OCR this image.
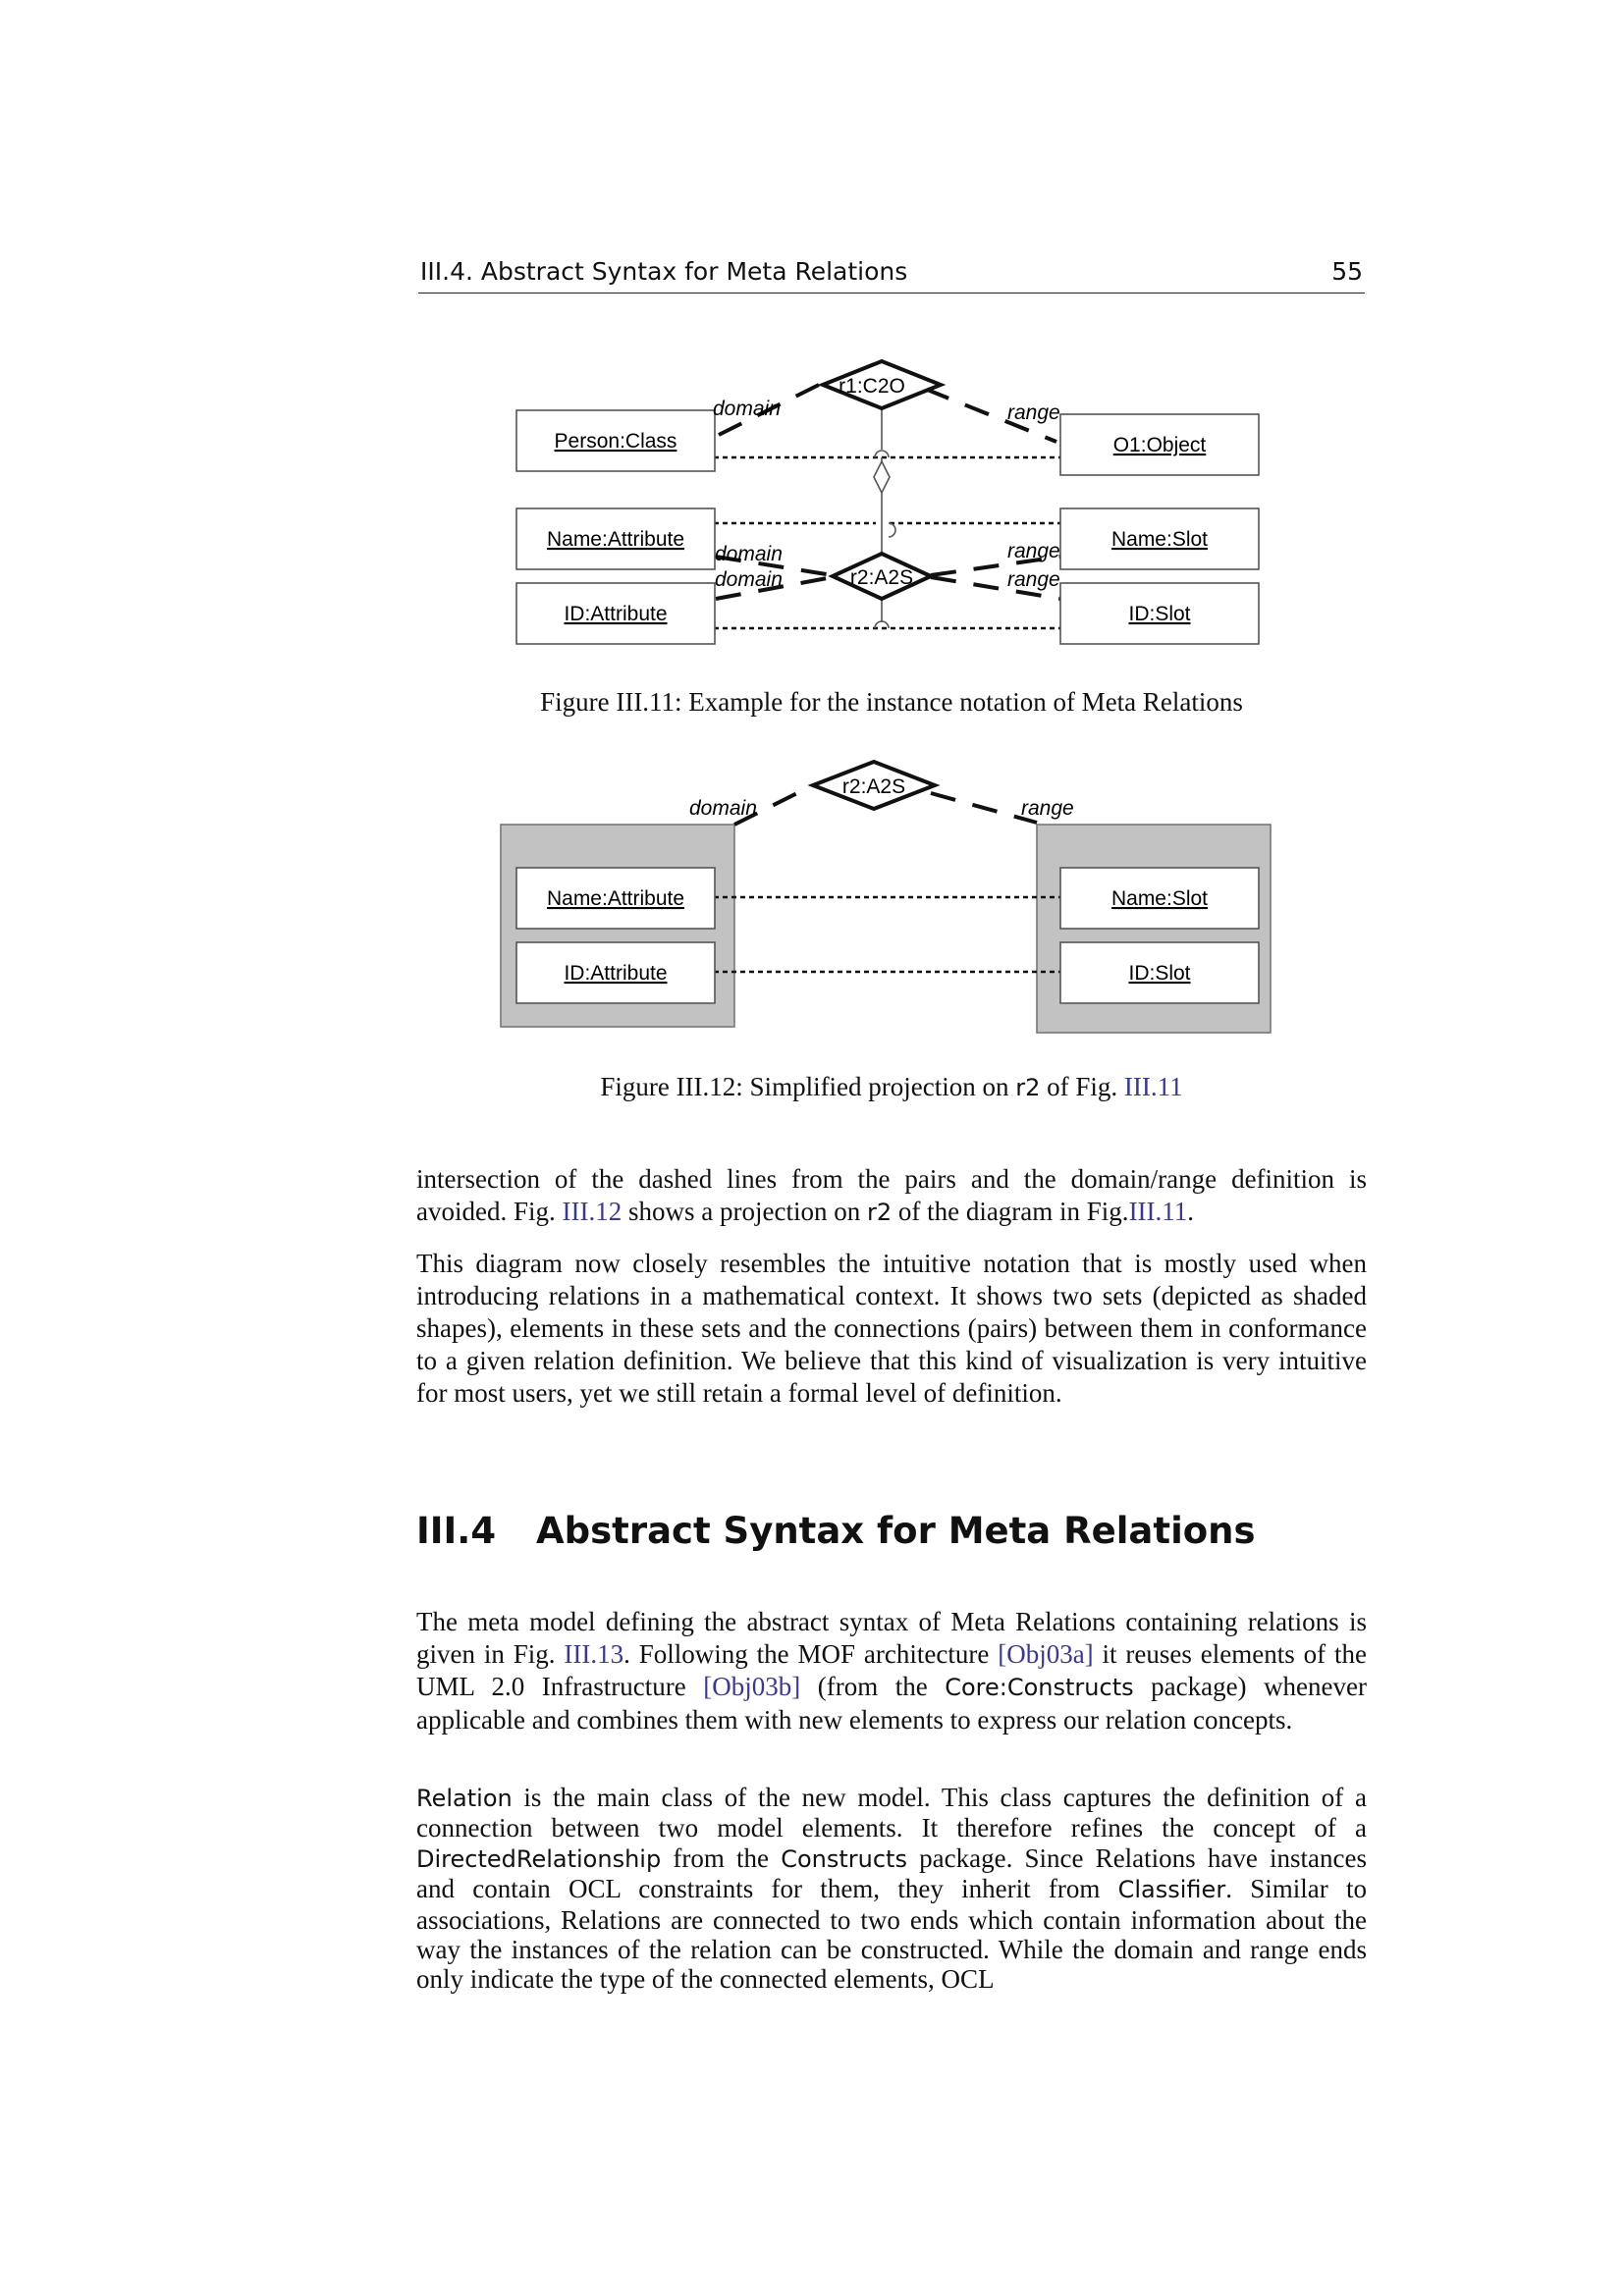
III.4. Abstract Syntax for Meta Relations	55
Person:Class	O1:Object
Name:Attribute	Name:Slot
ID:Attribute	ID:Slot
r1:C2O
r2:A2S
domain	range
domain
domain
range
range
Figure III.11: Example for the instance notation of Meta Relations
r2:A2S
domain	range
Name:Attribute
ID:Attribute
Name:Slot
ID:Slot
Figure III.12: Simplified projection on r2 of Fig. III.11

intersection of the dashed lines from the pairs and the domain/range definition is avoided. Fig. III.12 shows a projection on r2 of the diagram in Fig.III.11.

This diagram now closely resembles the intuitive notation that is mostly used when introducing relations in a mathematical context. It shows two sets (depicted as shaded shapes), elements in these sets and the connections (pairs) between them in conformance to a given relation definition. We believe that this kind of visualization is very intuitive for most users, yet we still retain a formal level of definition.

III.4 Abstract Syntax for Meta Relations

The meta model defining the abstract syntax of Meta Relations containing relations is given in Fig. III.13. Following the MOF architecture [Obj03a] it reuses elements of the UML 2.0 Infrastructure [Obj03b] (from the Core:Constructs package) whenever applicable and combines them with new elements to express our relation concepts.

Relation is the main class of the new model. This class captures the definition of a connection between two model elements. It therefore refines the concept of a DirectedRelationship from the Constructs package. Since Relations have instances and contain OCL constraints for them, they inherit from Classifier. Similar to associations, Relations are connected to two ends which contain information about the way the instances of the relation can be constructed. While the domain and range ends only indicate the type of the connected elements, OCL
